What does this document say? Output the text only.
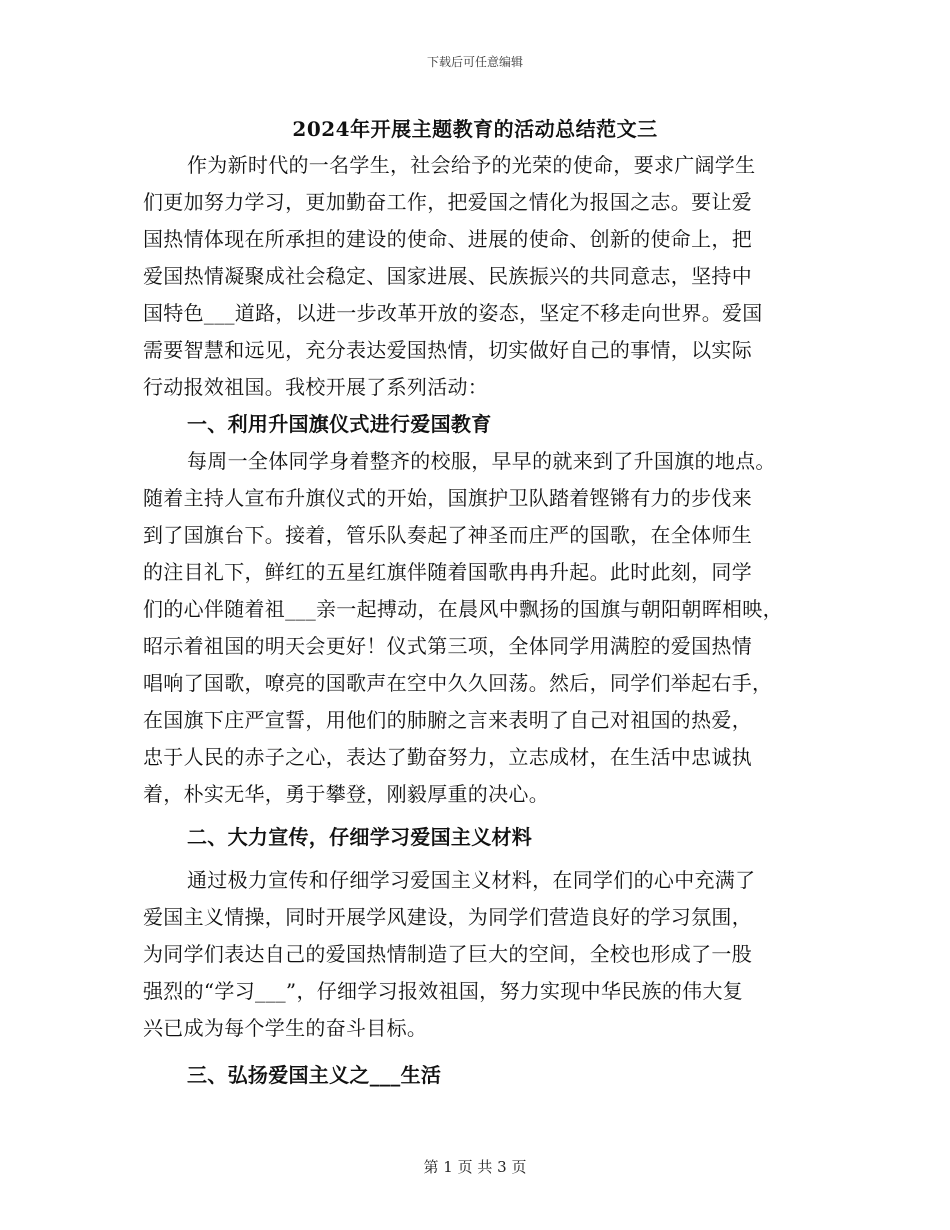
下载后可任意编辑
2024年开展主题教育的活动总结范文三
作为新时代的一名学生，社会给予的光荣的使命，要求广阔学生
们更加努力学习，更加勤奋工作，把爱国之情化为报国之志。要让爱
国热情体现在所承担的建设的使命、进展的使命、创新的使命上，把
爱国热情凝聚成社会稳定、国家进展、民族振兴的共同意志，坚持中
国特色___道路，以进一步改革开放的姿态，坚定不移走向世界。爱国
需要智慧和远见，充分表达爱国热情，切实做好自己的事情，以实际
行动报效祖国。我校开展了系列活动：
一、利用升国旗仪式进行爱国教育
每周一全体同学身着整齐的校服，早早的就来到了升国旗的地点。
随着主持人宣布升旗仪式的开始，国旗护卫队踏着铿锵有力的步伐来
到了国旗台下。接着，管乐队奏起了神圣而庄严的国歌，在全体师生
的注目礼下，鲜红的五星红旗伴随着国歌冉冉升起。此时此刻，同学
们的心伴随着祖___亲一起搏动，在晨风中飘扬的国旗与朝阳朝晖相映，
昭示着祖国的明天会更好！仪式第三项，全体同学用满腔的爱国热情
唱响了国歌，嘹亮的国歌声在空中久久回荡。然后，同学们举起右手，
在国旗下庄严宣誓，用他们的肺腑之言来表明了自己对祖国的热爱，
忠于人民的赤子之心，表达了勤奋努力，立志成材，在生活中忠诚执
着，朴实无华，勇于攀登，刚毅厚重的决心。
二、大力宣传，仔细学习爱国主义材料
通过极力宣传和仔细学习爱国主义材料，在同学们的心中充满了
爱国主义情操，同时开展学风建设，为同学们营造良好的学习氛围，
为同学们表达自己的爱国热情制造了巨大的空间，全校也形成了一股
强烈的“学习___”，仔细学习报效祖国，努力实现中华民族的伟大复
兴已成为每个学生的奋斗目标。
三、弘扬爱国主义之___生活
第 1 页 共 3 页
